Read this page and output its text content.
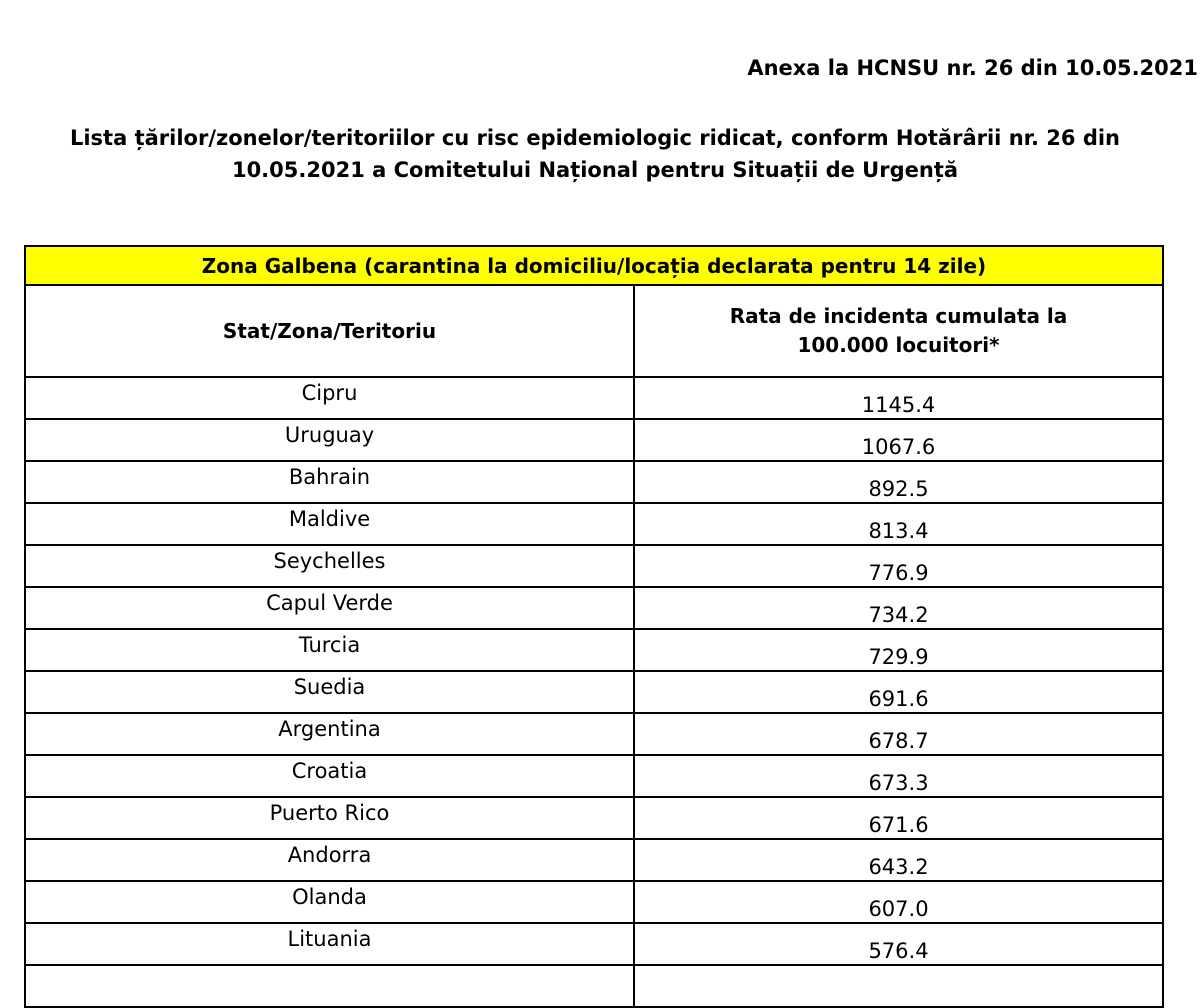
Anexa la HCNSU nr. 26 din 10.05.2021
Lista țărilor/zonelor/teritoriilor cu risc epidemiologic ridicat, conform Hotărârii nr. 26 din
10.05.2021 a Comitetului Național pentru Situații de Urgență
Zona Galbena (carantina la domiciliu/locația declarata pentru 14 zile)	
Stat/Zona/Teritoriu	Rata de incidenta cumulata la
100.000 locuitori*

Cipru	1145.4
Uruguay	1067.6
Bahrain	892.5
Maldive	813.4
Seychelles	776.9
Capul Verde	734.2
Turcia	729.9
Suedia	691.6
Argentina	678.7
Croatia	673.3
Puerto Rico	671.6
Andorra	643.2
Olanda	607.0
Lituania	576.4
